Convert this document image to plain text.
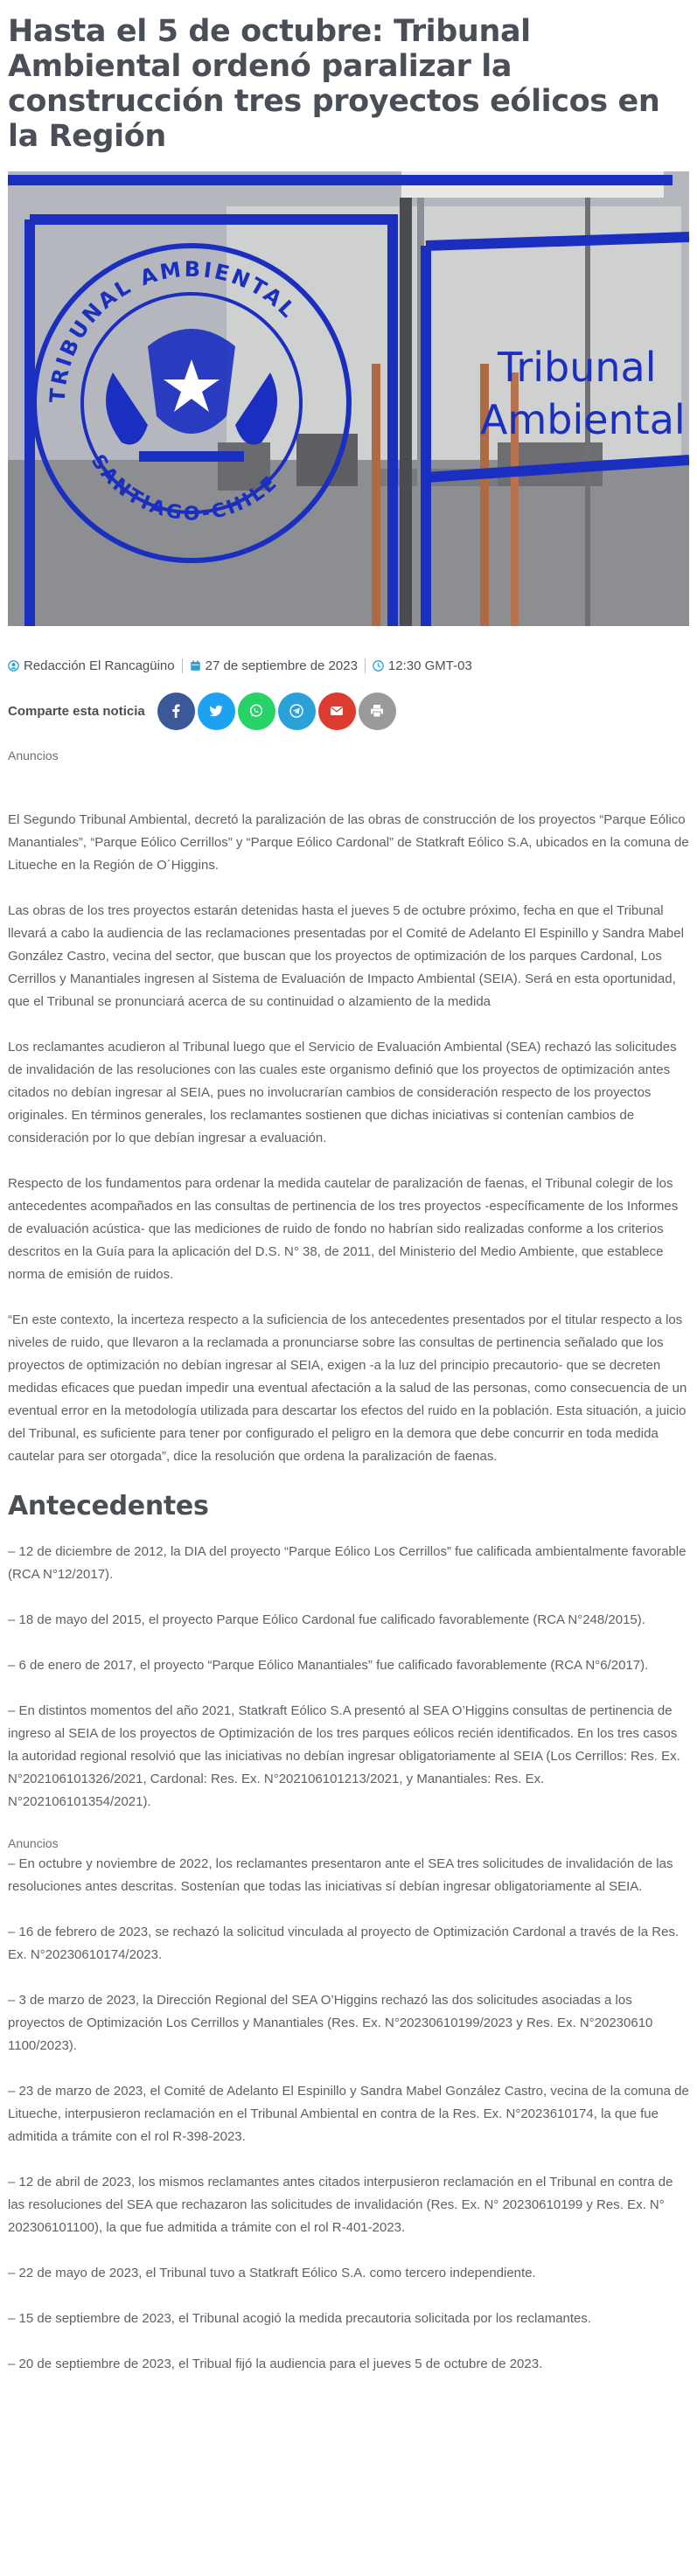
Hasta el 5 de octubre: Tribunal Ambiental ordenó paralizar la construcción tres proyectos eólicos en la Región
Tribunal
Ambiental
TRIBUNAL AMBIENTAL
SANTIAGO-CHILE
Redacción El Rancagüino 27 de septiembre de 2023 12:30 GMT-03
Comparte esta noticia
Anuncios

El Segundo Tribunal Ambiental, decretó la paralización de las obras de construcción de los proyectos “Parque Eólico Manantiales”, “Parque Eólico Cerrillos” y “Parque Eólico Cardonal” de Statkraft Eólico S.A, ubicados en la comuna de Litueche en la Región de O´Higgins.

Las obras de los tres proyectos estarán detenidas hasta el jueves 5 de octubre próximo, fecha en que el Tribunal llevará a cabo la audiencia de las reclamaciones presentadas por el Comité de Adelanto El Espinillo y Sandra Mabel González Castro, vecina del sector, que buscan que los proyectos de optimización de los parques Cardonal, Los Cerrillos y Manantiales ingresen al Sistema de Evaluación de Impacto Ambiental (SEIA). Será en esta oportunidad, que el Tribunal se pronunciará acerca de su continuidad o alzamiento de la medida

Los reclamantes acudieron al Tribunal luego que el Servicio de Evaluación Ambiental (SEA) rechazó las solicitudes de invalidación de las resoluciones con las cuales este organismo definió que los proyectos de optimización antes citados no debían ingresar al SEIA, pues no involucrarían cambios de consideración respecto de los proyectos originales. En términos generales, los reclamantes sostienen que dichas iniciativas si contenían cambios de consideración por lo que debían ingresar a evaluación.

Respecto de los fundamentos para ordenar la medida cautelar de paralización de faenas, el Tribunal colegir de los antecedentes acompañados en las consultas de pertinencia de los tres proyectos -específicamente de los Informes de evaluación acústica- que las mediciones de ruido de fondo no habrían sido realizadas conforme a los criterios descritos en la Guía para la aplicación del D.S. N° 38, de 2011, del Ministerio del Medio Ambiente, que establece norma de emisión de ruidos.

“En este contexto, la incerteza respecto a la suficiencia de los antecedentes presentados por el titular respecto a los niveles de ruido, que llevaron a la reclamada a pronunciarse sobre las consultas de pertinencia señalado que los proyectos de optimización no debían ingresar al SEIA, exigen -a la luz del principio precautorio- que se decreten medidas eficaces que puedan impedir una eventual afectación a la salud de las personas, como consecuencia de un eventual error en la metodología utilizada para descartar los efectos del ruido en la población. Esta situación, a juicio del Tribunal, es suficiente para tener por configurado el peligro en la demora que debe concurrir en toda medida cautelar para ser otorgada”, dice la resolución que ordena la paralización de faenas.

Antecedentes

– 12 de diciembre de 2012, la DIA del proyecto “Parque Eólico Los Cerrillos” fue calificada ambientalmente favorable (RCA N°12/2017).

– 18 de mayo del 2015, el proyecto Parque Eólico Cardonal fue calificado favorablemente (RCA N°248/2015).

– 6 de enero de 2017, el proyecto “Parque Eólico Manantiales” fue calificado favorablemente (RCA N°6/2017).

– En distintos momentos del año 2021, Statkraft Eólico S.A presentó al SEA O’Higgins consultas de pertinencia de ingreso al SEIA de los proyectos de Optimización de los tres parques eólicos recién identificados. En los tres casos la autoridad regional resolvió que las iniciativas no debían ingresar obligatoriamente al SEIA (Los Cerrillos: Res. Ex. N°202106101326/2021, Cardonal: Res. Ex. N°202106101213/2021, y Manantiales: Res. Ex. N°202106101354/2021).

Anuncios

– En octubre y noviembre de 2022, los reclamantes presentaron ante el SEA tres solicitudes de invalidación de las resoluciones antes descritas. Sostenían que todas las iniciativas sí debían ingresar obligatoriamente al SEIA.

– 16 de febrero de 2023, se rechazó la solicitud vinculada al proyecto de Optimización Cardonal a través de la Res. Ex. N°20230610174/2023.

– 3 de marzo de 2023, la Dirección Regional del SEA O’Higgins rechazó las dos solicitudes asociadas a los proyectos de Optimización Los Cerrillos y Manantiales (Res. Ex. N°20230610199/2023 y Res. Ex. N°20230610​1100/2023).

– 23 de marzo de 2023, el Comité de Adelanto El Espinillo y Sandra Mabel González Castro, vecina de la comuna de Litueche, interpusieron reclamación en el Tribunal Ambiental en contra de la Res. Ex. N°2023610174, la que fue admitida a trámite con el rol R-398-2023.

– 12 de abril de 2023, los mismos reclamantes antes citados interpusieron reclamación en el Tribunal en contra de las resoluciones del SEA que rechazaron las solicitudes de invalidación (Res. Ex. N° 20230610199 y Res. Ex. N° 202306101100), la que fue admitida a trámite con el rol R-401-2023.

– 22 de mayo de 2023, el Tribunal tuvo a Statkraft Eólico S.A. como tercero independiente.

– 15 de septiembre de 2023, el Tribunal acogió la medida precautoria solicitada por los reclamantes.

– 20 de septiembre de 2023, el Tribual fijó la audiencia para el jueves 5 de octubre de 2023.
